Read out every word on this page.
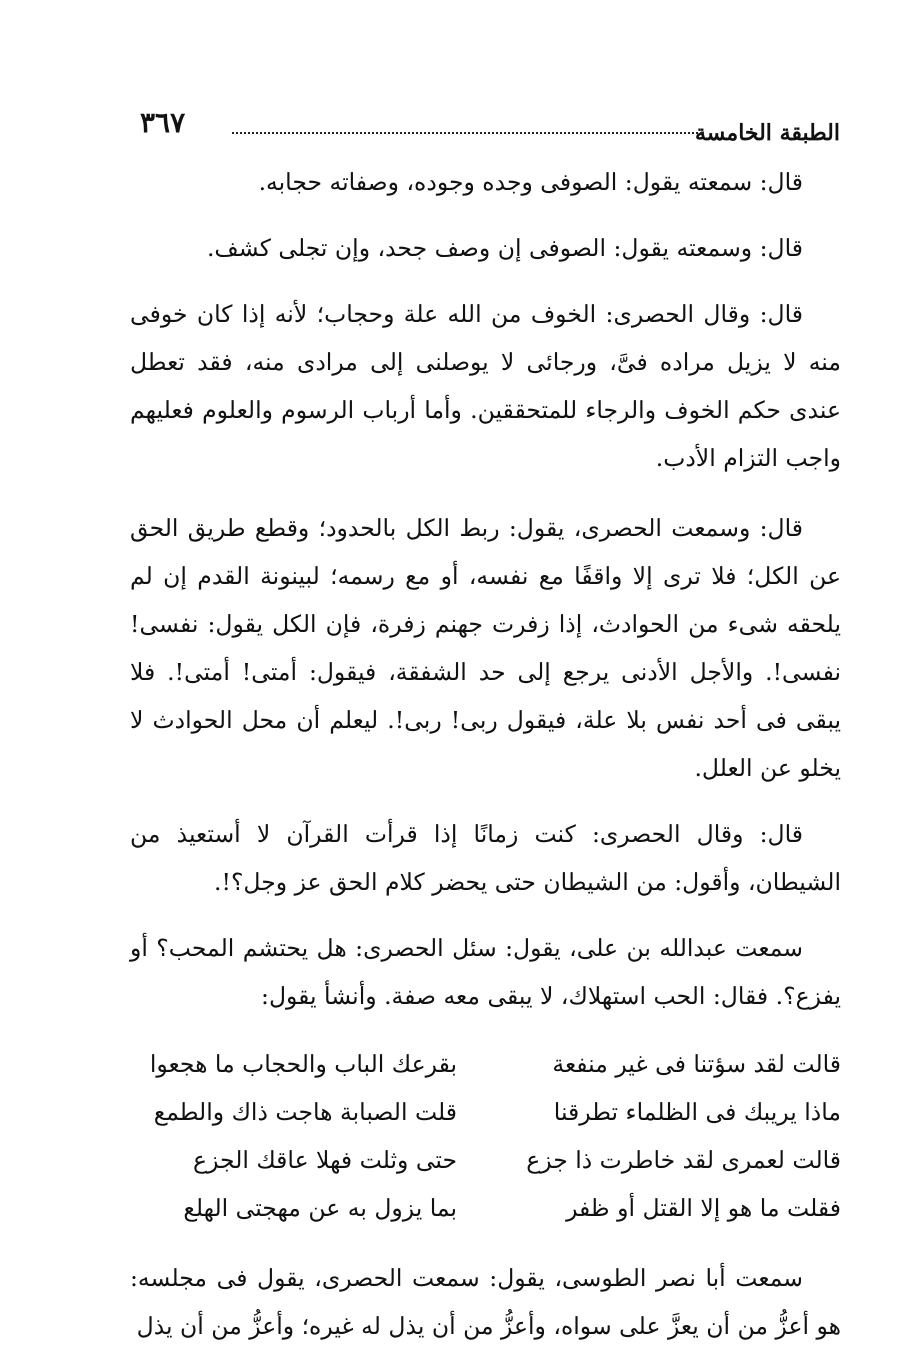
الطبقة الخامسة
٣٦٧

قال: سمعته يقول: الصوفى وجده وجوده، وصفاته حجابه.

قال: وسمعته يقول: الصوفى إن وصف جحد، وإن تجلى كشف.

قال: وقال الحصرى: الخوف من الله علة وحجاب؛ لأنه إذا كان خوفى منه لا يزيل مراده فىَّ، ورجائى لا يوصلنى إلى مرادى منه، فقد تعطل عندى حكم الخوف والرجاء للمتحققين. وأما أرباب الرسوم والعلوم فعليهم واجب التزام الأدب.

قال: وسمعت الحصرى، يقول: ربط الكل بالحدود؛ وقطع طريق الحق عن الكل؛ فلا ترى إلا واقفًا مع نفسه، أو مع رسمه؛ لبينونة القدم إن لم يلحقه شىء من الحوادث، إذا زفرت جهنم زفرة، فإن الكل يقول: نفسى! نفسى!. والأجل الأدنى يرجع إلى حد الشفقة، فيقول: أمتى! أمتى!. فلا يبقى فى أحد نفس بلا علة، فيقول ربى! ربى!. ليعلم أن محل الحوادث لا يخلو عن العلل.

قال: وقال الحصرى: كنت زمانًا إذا قرأت القرآن لا أستعيذ من الشيطان، وأقول: من الشيطان حتى يحضر كلام الحق عز وجل؟!.

سمعت عبدالله بن على، يقول: سئل الحصرى: هل يحتشم المحب؟ أو يفزع؟. فقال: الحب استهلاك، لا يبقى معه صفة. وأنشأ يقول:

قالت لقد سؤتنا فى غير منفعة
بقرعك الباب والحجاب ما هجعوا
ماذا يريبك فى الظلماء تطرقنا
قلت الصبابة هاجت ذاك والطمع
قالت لعمرى لقد خاطرت ذا جزع
حتى وثلت فهلا عاقك الجزع
فقلت ما هو إلا القتل أو ظفر
بما يزول به عن مهجتى الهلع

سمعت أبا نصر الطوسى، يقول: سمعت الحصرى، يقول فى مجلسه: هو أعزُّ من أن يعزَّ على سواه، وأعزُّ من أن يذل له غيره؛ وأعزُّ من أن يذل
